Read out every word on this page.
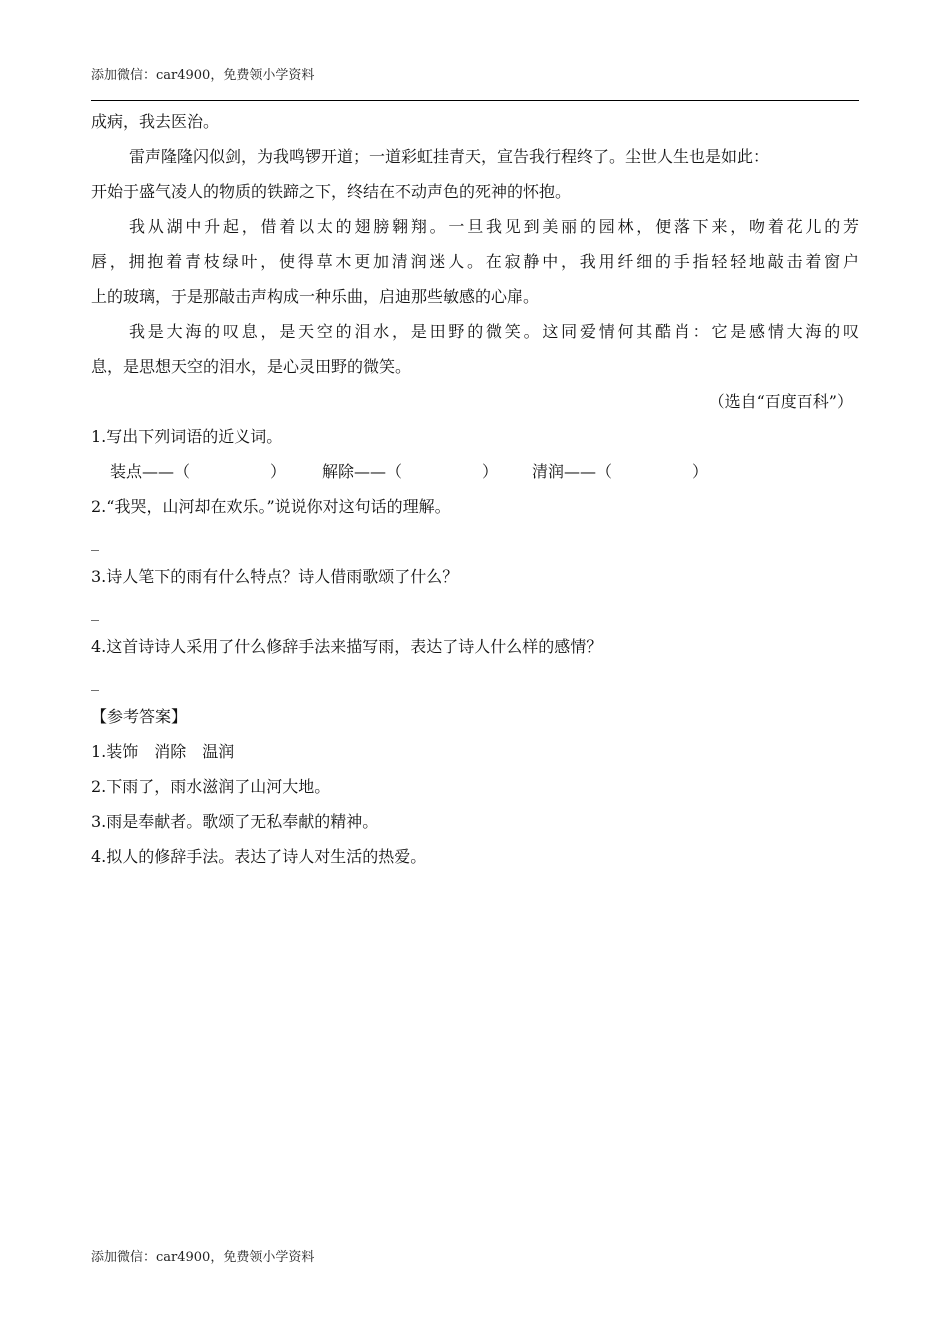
添加微信：car4900，免费领小学资料
成病，我去医治。
雷声隆隆闪似剑，为我鸣锣开道；一道彩虹挂青天，宣告我行程终了。尘世人生也是如此：
开始于盛气凌人的物质的铁蹄之下，终结在不动声色的死神的怀抱。
我从湖中升起，借着以太的翅膀翱翔。一旦我见到美丽的园林，便落下来，吻着花儿的芳
唇，拥抱着青枝绿叶，使得草木更加清润迷人。在寂静中，我用纤细的手指轻轻地敲击着窗户
上的玻璃，于是那敲击声构成一种乐曲，启迪那些敏感的心扉。
我是大海的叹息，是天空的泪水，是田野的微笑。这同爱情何其酷肖：它是感情大海的叹
息，是思想天空的泪水，是心灵田野的微笑。
（选自“百度百科”）
1.写出下列词语的近义词。
装点——（　　　　　） 解除——（　　　　　） 清润——（　　　　　）
2.“我哭，山河却在欢乐。”说说你对这句话的理解。
_
3.诗人笔下的雨有什么特点？诗人借雨歌颂了什么？
_
4.这首诗诗人采用了什么修辞手法来描写雨，表达了诗人什么样的感情？
_
【参考答案】
1.装饰　消除　温润
2.下雨了，雨水滋润了山河大地。
3.雨是奉献者。歌颂了无私奉献的精神。
4.拟人的修辞手法。表达了诗人对生活的热爱。
添加微信：car4900，免费领小学资料
